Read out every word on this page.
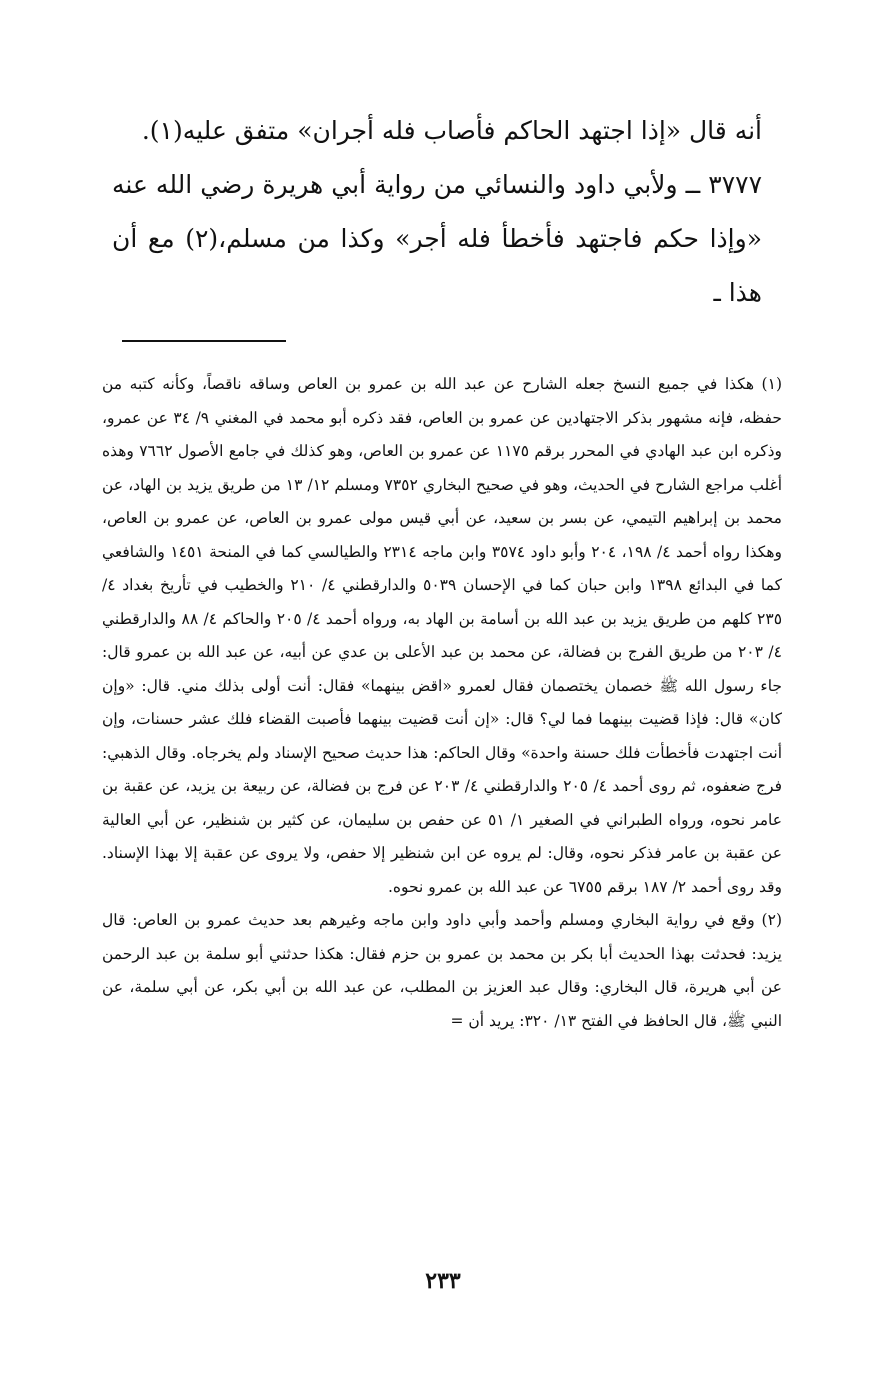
أنه قال «إذا اجتهد الحاكم فأصاب فله أجران» متفق عليه(١).

٣٧٧٧ ــ ولأبي داود والنسائي من رواية أبي هريرة رضي الله عنه «وإذا حكم فاجتهد فأخطأ فله أجر» وكذا من مسلم،(٢) مع أن هذا ـ

(١) هكذا في جميع النسخ جعله الشارح عن عبد الله بن عمرو بن العاص وساقه ناقصاً، وكأنه كتبه من حفظه، فإنه مشهور بذكر الاجتهادين عن عمرو بن العاص، فقد ذكره أبو محمد في المغني ٩/ ٣٤ عن عمرو، وذكره ابن عبد الهادي في المحرر برقم ١١٧٥ عن عمرو بن العاص، وهو كذلك في جامع الأصول ٧٦٦٢ وهذه أغلب مراجع الشارح في الحديث، وهو في صحيح البخاري ٧٣٥٢ ومسلم ١٢/ ١٣ من طريق يزيد بن الهاد، عن محمد بن إبراهيم التيمي، عن بسر بن سعيد، عن أبي قيس مولى عمرو بن العاص، عن عمرو بن العاص، وهكذا رواه أحمد ٤/ ١٩٨، ٢٠٤ وأبو داود ٣٥٧٤ وابن ماجه ٢٣١٤ والطيالسي كما في المنحة ١٤٥١ والشافعي كما في البدائع ١٣٩٨ وابن حبان كما في الإحسان ٥٠٣٩ والدارقطني ٤/ ٢١٠ والخطيب في تأريخ بغداد ٤/ ٢٣٥ كلهم من طريق يزيد بن عبد الله بن أسامة بن الهاد به، ورواه أحمد ٤/ ٢٠٥ والحاكم ٤/ ٨٨ والدارقطني ٤/ ٢٠٣ من طريق الفرج بن فضالة، عن محمد بن عبد الأعلى بن عدي عن أبيه، عن عبد الله بن عمرو قال: جاء رسول الله ﷺ خصمان يختصمان فقال لعمرو «اقض بينهما» فقال: أنت أولى بذلك مني. قال: «وإن كان» قال: فإذا قضيت بينهما فما لي؟ قال: «إن أنت قضيت بينهما فأصبت القضاء فلك عشر حسنات، وإن أنت اجتهدت فأخطأت فلك حسنة واحدة» وقال الحاكم: هذا حديث صحيح الإسناد ولم يخرجاه. وقال الذهبي: فرج ضعفوه، ثم روى أحمد ٤/ ٢٠٥ والدارقطني ٤/ ٢٠٣ عن فرج بن فضالة، عن ربيعة بن يزيد، عن عقبة بن عامر نحوه، ورواه الطبراني في الصغير ١/ ٥١ عن حفص بن سليمان، عن كثير بن شنظير، عن أبي العالية عن عقبة بن عامر فذكر نحوه، وقال: لم يروه عن ابن شنظير إلا حفص، ولا يروى عن عقبة إلا بهذا الإسناد. وقد روى أحمد ٢/ ١٨٧ برقم ٦٧٥٥ عن عبد الله بن عمرو نحوه.

(٢) وقع في رواية البخاري ومسلم وأحمد وأبي داود وابن ماجه وغيرهم بعد حديث عمرو بن العاص: قال يزيد: فحدثت بهذا الحديث أبا بكر بن محمد بن عمرو بن حزم فقال: هكذا حدثني أبو سلمة بن عبد الرحمن عن أبي هريرة، قال البخاري: وقال عبد العزيز بن المطلب، عن عبد الله بن أبي بكر، عن أبي سلمة، عن النبي ﷺ، قال الحافظ في الفتح ١٣/ ٣٢٠: يريد أن =

٢٣٣
